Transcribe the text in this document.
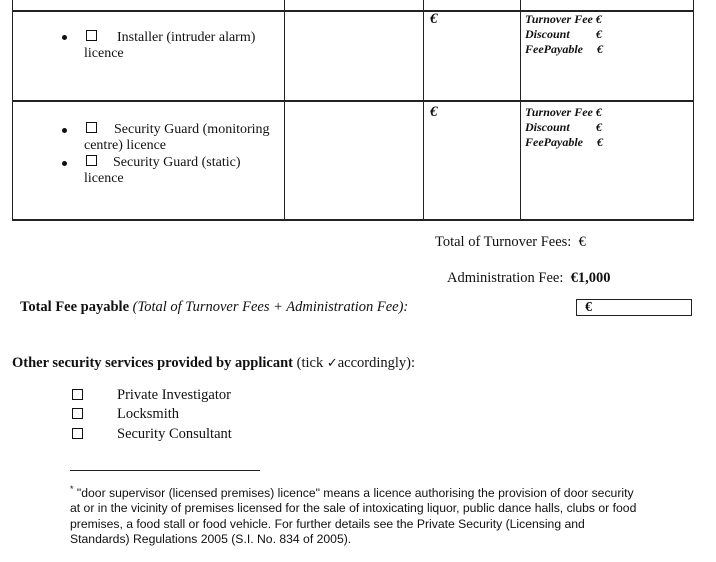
Installer (intruder alarm)
licence
€	Turnover Fee €
Discount €
FeePayable €
Security Guard (monitoring
centre) licence
Security Guard (static)
licence
€	Turnover Fee €
Discount €
FeePayable €
Total of Turnover Fees: €
Administration Fee: €1,000
Total Fee payable (Total of Turnover Fees + Administration Fee):	€
Other security services provided by applicant (tick ✓accordingly):
Private Investigator
Locksmith
Security Consultant
* "door supervisor (licensed premises) licence" means a licence authorising the provision of door security
at or in the vicinity of premises licensed for the sale of intoxicating liquor, public dance halls, clubs or food
premises, a food stall or food vehicle. For further details see the Private Security (Licensing and
Standards) Regulations 2005 (S.I. No. 834 of 2005).
